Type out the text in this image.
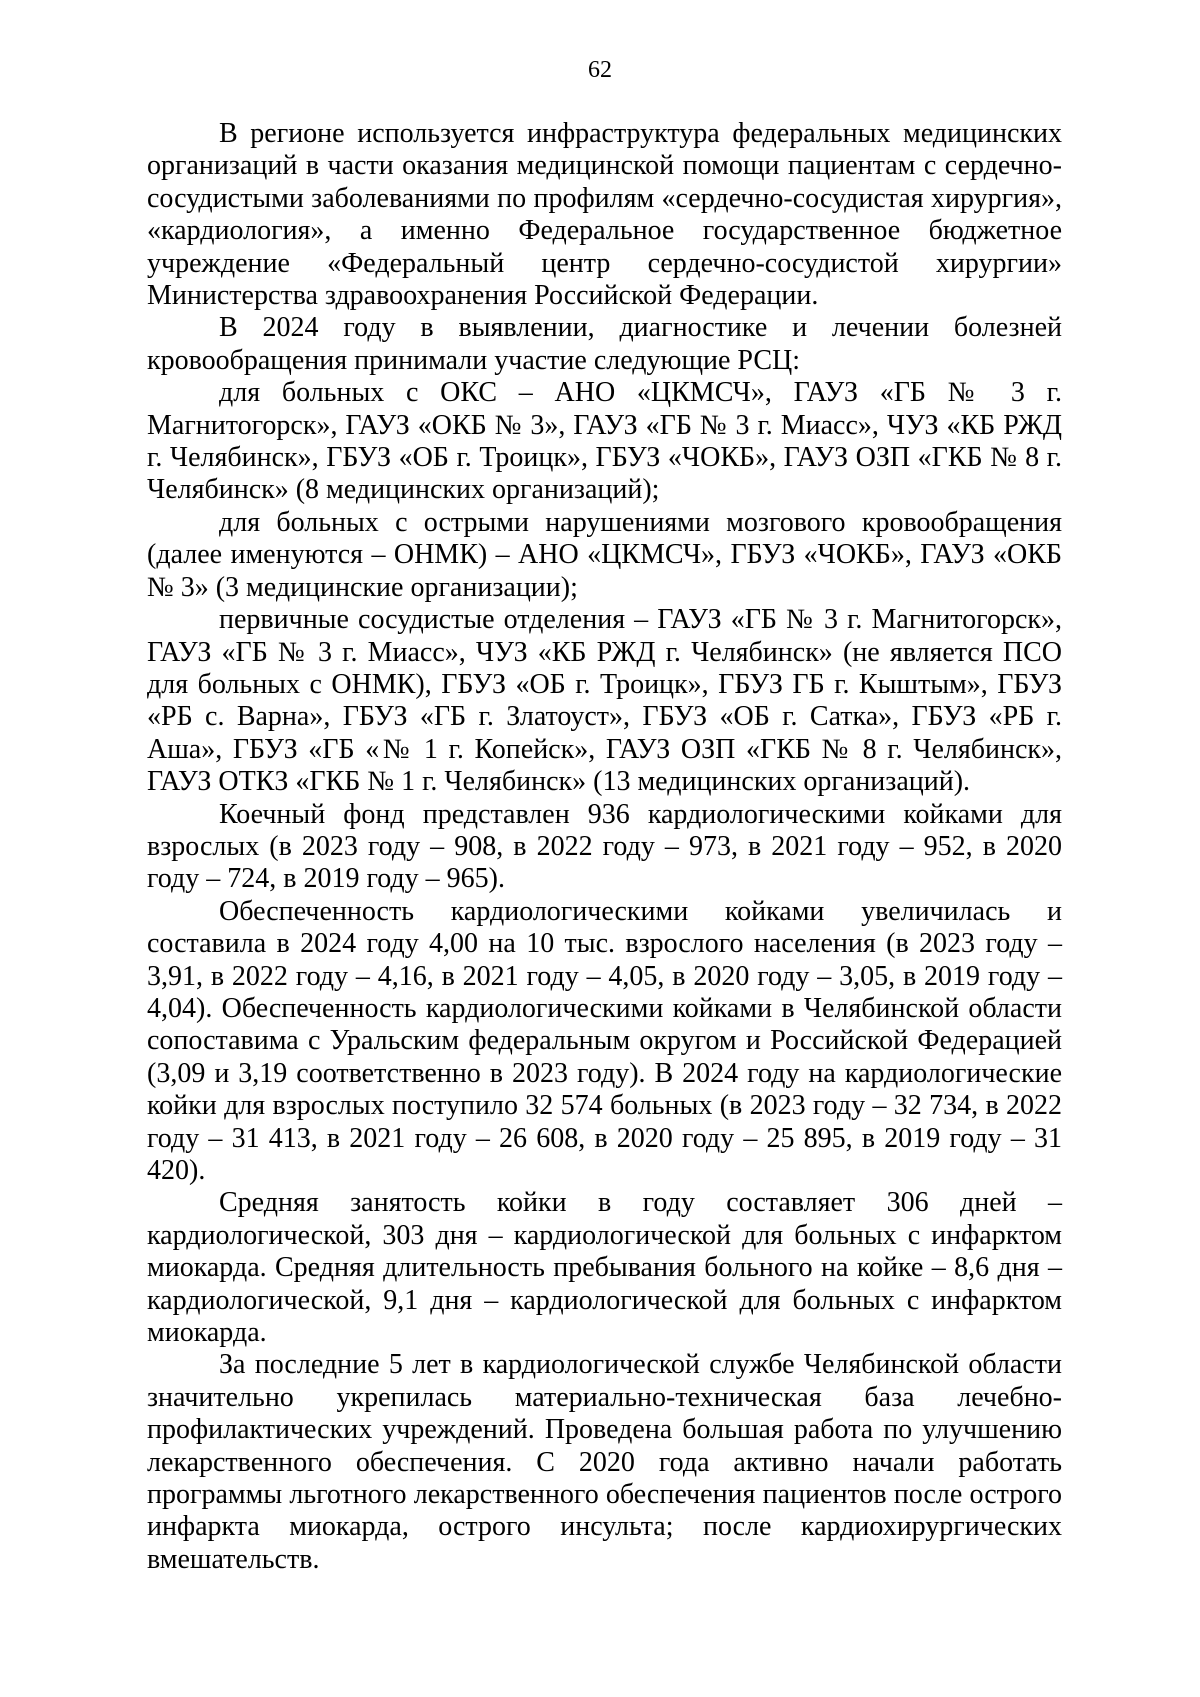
62

В регионе используется инфраструктура федеральных медицинских организаций в части оказания медицинской помощи пациентам с сердечно-сосудистыми заболеваниями по профилям «сердечно-сосудистая хирургия», «кардиология», а именно Федеральное государственное бюджетное учреждение «Федеральный центр сердечно-сосудистой хирургии» Министерства здравоохранения Российской Федерации.

В 2024 году в выявлении, диагностике и лечении болезней кровообращения принимали участие следующие РСЦ:

для больных с ОКС – АНО «ЦКМСЧ», ГАУЗ «ГБ № 3 г. Магнитогорск», ГАУЗ «ОКБ № 3», ГАУЗ «ГБ № 3 г. Миасс», ЧУЗ «КБ РЖД г. Челябинск», ГБУЗ «ОБ г. Троицк», ГБУЗ «ЧОКБ», ГАУЗ ОЗП «ГКБ № 8 г. Челябинск» (8 медицинских организаций);

для больных с острыми нарушениями мозгового кровообращения (далее именуются – ОНМК) – АНО «ЦКМСЧ», ГБУЗ «ЧОКБ», ГАУЗ «ОКБ № 3» (3 медицинские организации);

первичные сосудистые отделения – ГАУЗ «ГБ № 3 г. Магнитогорск», ГАУЗ «ГБ № 3 г. Миасс», ЧУЗ «КБ РЖД г. Челябинск» (не является ПСО для больных с ОНМК), ГБУЗ «ОБ г. Троицк», ГБУЗ ГБ г. Кыштым», ГБУЗ «РБ с. Варна», ГБУЗ «ГБ г. Златоуст», ГБУЗ «ОБ г. Сатка», ГБУЗ «РБ г. Аша», ГБУЗ «ГБ «№ 1 г. Копейск», ГАУЗ ОЗП «ГКБ № 8 г. Челябинск», ГАУЗ ОТКЗ «ГКБ № 1 г. Челябинск» (13 медицинских организаций).

Коечный фонд представлен 936 кардиологическими койками для взрослых (в 2023 году – 908, в 2022 году – 973, в 2021 году – 952, в 2020 году – 724, в 2019 году – 965).

Обеспеченность кардиологическими койками увеличилась и составила в 2024 году 4,00 на 10 тыс. взрослого населения (в 2023 году – 3,91, в 2022 году – 4,16, в 2021 году – 4,05, в 2020 году – 3,05, в 2019 году – 4,04). Обеспеченность кардиологическими койками в Челябинской области сопоставима с Уральским федеральным округом и Российской Федерацией (3,09 и 3,19 соответственно в 2023 году). В 2024 году на кардиологические койки для взрослых поступило 32 574 больных (в 2023 году – 32 734, в 2022 году – 31 413, в 2021 году – 26 608, в 2020 году – 25 895, в 2019 году – 31 420).

Средняя занятость койки в году составляет 306 дней – кардиологической, 303 дня – кардиологической для больных с инфарктом миокарда. Средняя длительность пребывания больного на койке – 8,6 дня – кардиологической, 9,1 дня – кардиологической для больных с инфарктом миокарда.

За последние 5 лет в кардиологической службе Челябинской области значительно укрепилась материально-техническая база лечебно-профилактических учреждений. Проведена большая работа по улучшению лекарственного обеспечения. С 2020 года активно начали работать программы льготного лекарственного обеспечения пациентов после острого инфаркта миокарда, острого инсульта; после кардиохирургических вмешательств.
